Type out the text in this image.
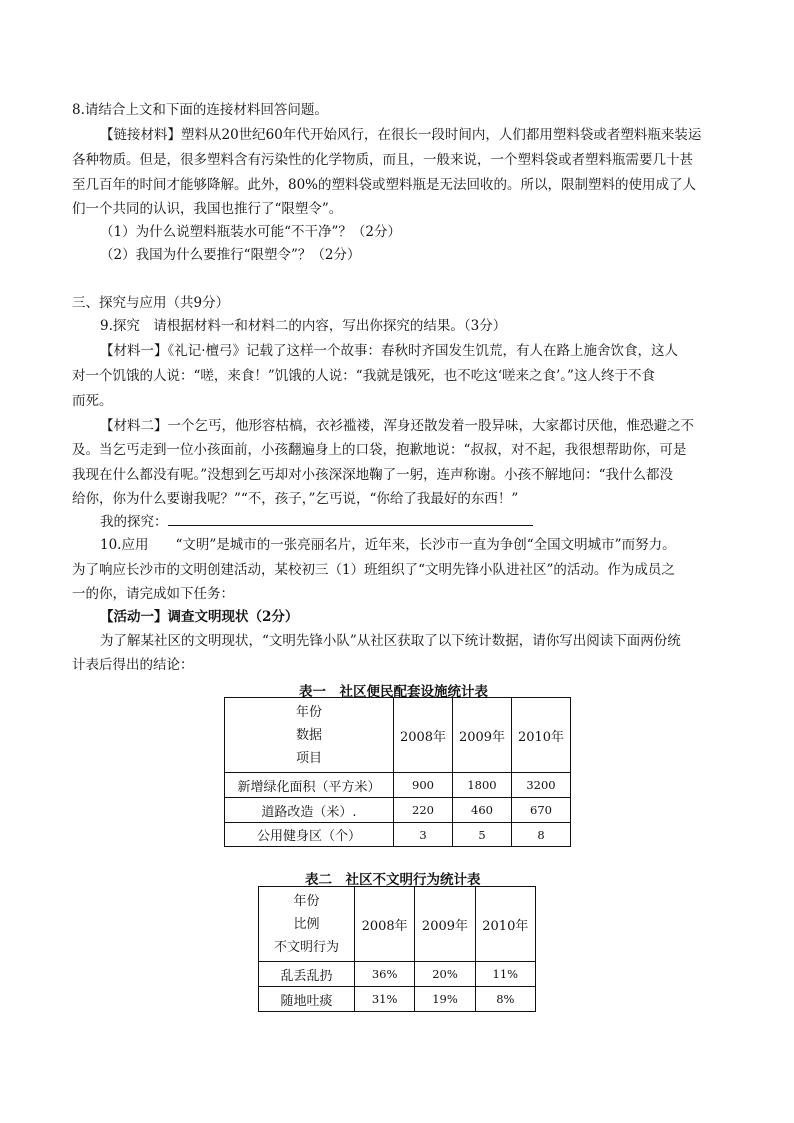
8.请结合上文和下面的连接材料回答问题。
【链接材料】塑料从20世纪60年代开始风行，在很长一段时间内，人们都用塑料袋或者塑料瓶来装运
各种物质。但是，很多塑料含有污染性的化学物质，而且，一般来说，一个塑料袋或者塑料瓶需要几十甚
至几百年的时间才能够降解。此外，80%的塑料袋或塑料瓶是无法回收的。所以，限制塑料的使用成了人
们一个共同的认识，我国也推行了“限塑令”。
（1）为什么说塑料瓶装水可能“不干净”？（2分）
（2）我国为什么要推行“限塑令”？（2分）
三、探究与应用（共9分）
9.探究　请根据材料一和材料二的内容，写出你探究的结果。（3分）
【材料一】《礼记·檀弓》记载了这样一个故事：春秋时齐国发生饥荒，有人在路上施舍饮食，这人
对一个饥饿的人说：“嗟，来食！”饥饿的人说：“我就是饿死，也不吃这‘嗟来之食’。”这人终于不食
而死。
【材料二】一个乞丐，他形容枯槁，衣衫褴褛，浑身还散发着一股异味，大家都讨厌他，惟恐避之不
及。当乞丐走到一位小孩面前，小孩翻遍身上的口袋，抱歉地说：“叔叔，对不起，我很想帮助你，可是
我现在什么都没有呢。”没想到乞丐却对小孩深深地鞠了一躬，连声称谢。小孩不解地问：“我什么都没
给你，你为什么要谢我呢？”“不，孩子，”乞丐说，“你给了我最好的东西！”
我的探究：
10.应用　　“文明”是城市的一张亮丽名片，近年来，长沙市一直为争创“全国文明城市”而努力。
为了响应长沙市的文明创建活动，某校初三（1）班组织了“文明先锋小队进社区”的活动。作为成员之
一的你，请完成如下任务：
【活动一】调查文明现状（2分）
为了解某社区的文明现状，“文明先锋小队”从社区获取了以下统计数据，请你写出阅读下面两份统
计表后得出的结论：
表一　社区便民配套设施统计表
年份
数据
项目	2008年	2009年	2010年
新增绿化面积（平方米）	900	1800	3200
道路改造（米）.	220	460	670
公用健身区（个）	3	5	8
表二　社区不文明行为统计表
年份
比例
不文明行为	2008年	2009年	2010年
乱丢乱扔	36%	20%	11%
随地吐痰	31%	19%	8%
